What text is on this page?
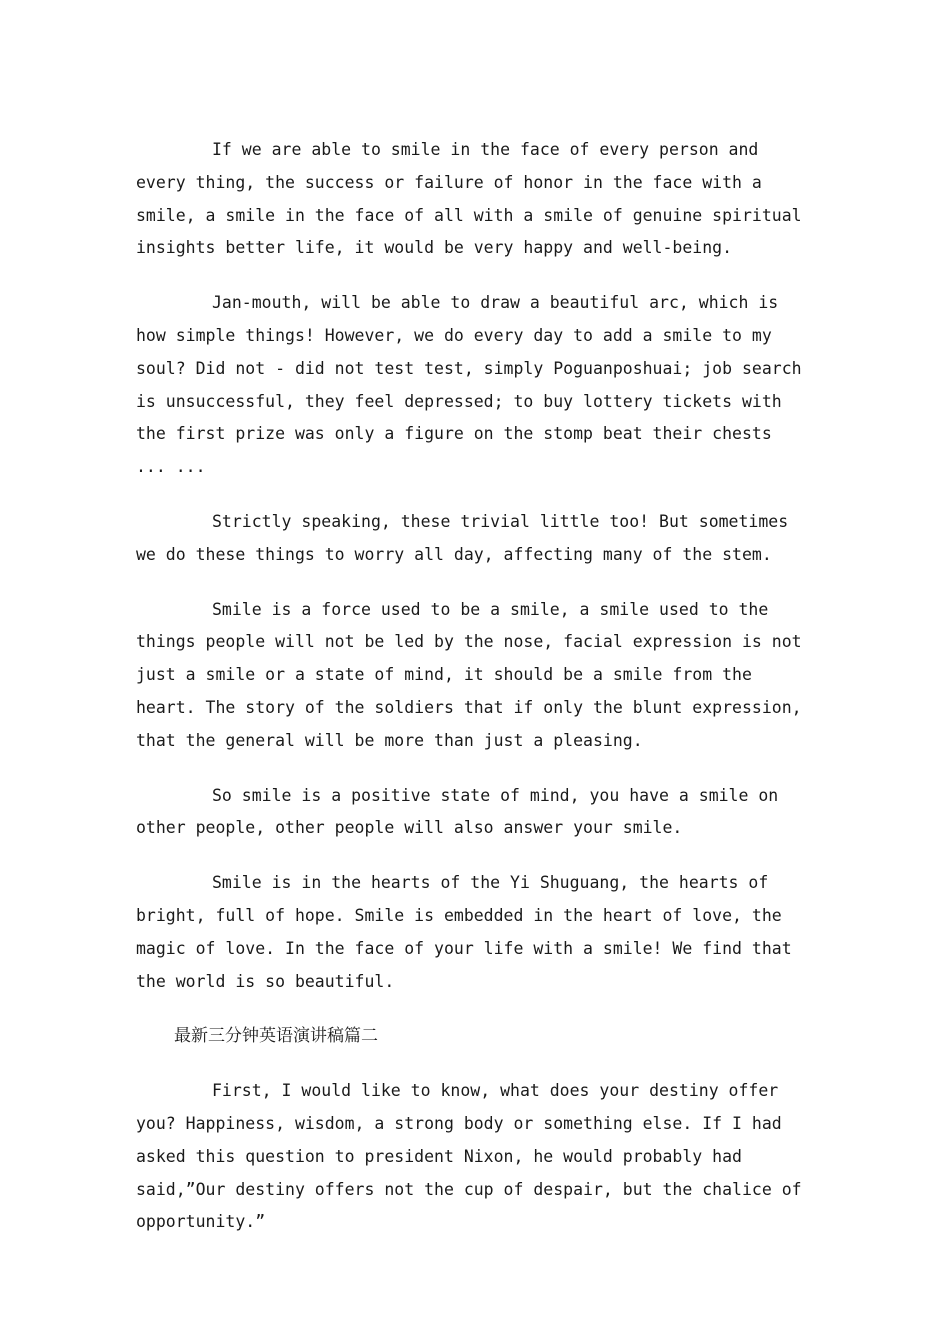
If we are able to smile in the face of every person and every thing, the success or failure of honor in the face with a smile, a smile in the face of all with a smile of genuine spiritual insights better life, it would be very happy and well-being.

Jan-mouth, will be able to draw a beautiful arc, which is how simple things! However, we do every day to add a smile to my soul? Did not - did not test test, simply Poguanposhuai; job search is unsuccessful, they feel depressed; to buy lottery tickets with the first prize was only a figure on the stomp beat their chests ... ...

Strictly speaking, these trivial little too! But sometimes we do these things to worry all day, affecting many of the stem.

Smile is a force used to be a smile, a smile used to the things people will not be led by the nose, facial expression is not just a smile or a state of mind, it should be a smile from the heart. The story of the soldiers that if only the blunt expression, that the general will be more than just a pleasing.

So smile is a positive state of mind, you have a smile on other people, other people will also answer your smile.

Smile is in the hearts of the Yi Shuguang, the hearts of bright, full of hope. Smile is embedded in the heart of love, the magic of love. In the face of your life with a smile! We find that the world is so beautiful.

最新三分钟英语演讲稿篇二

First, I would like to know, what does your destiny offer you? Happiness, wisdom, a strong body or something else. If I had asked this question to president Nixon, he would probably had said,”Our destiny offers not the cup of despair, but the chalice of opportunity.”
